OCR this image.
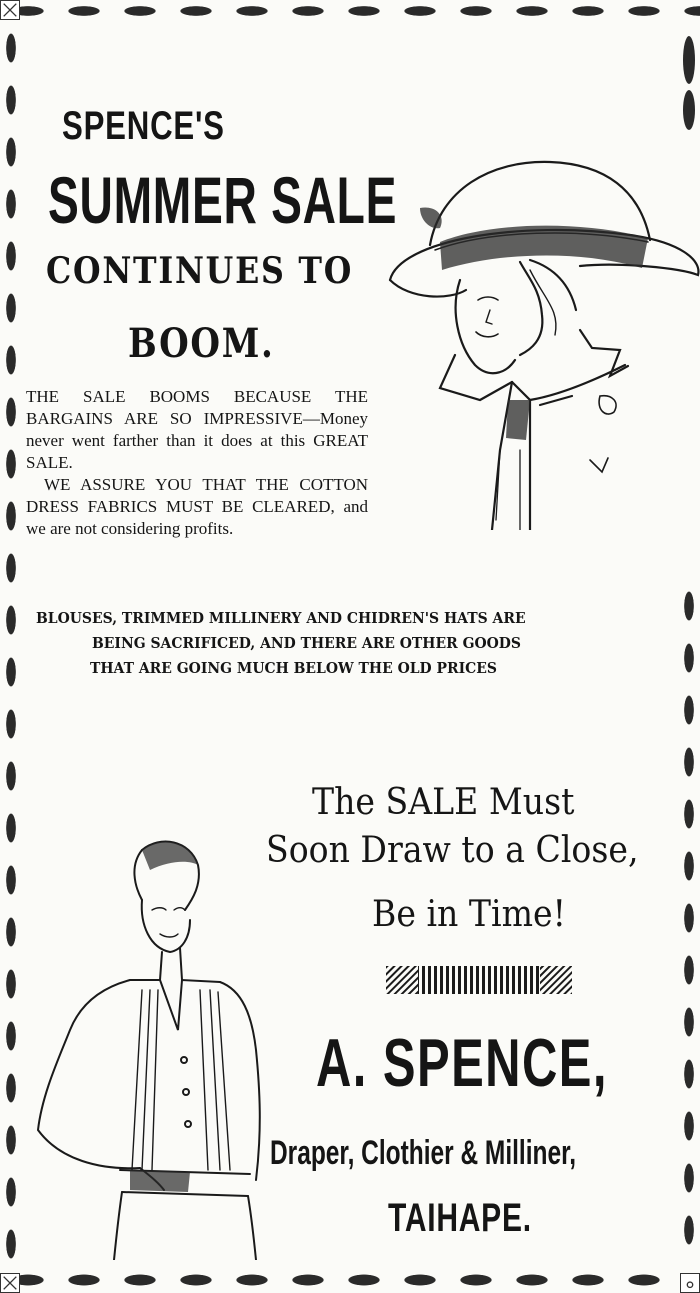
SPENCE'S
SUMMER SALE
CONTINUES TO
BOOM.

THE SALE BOOMS BECAUSE THE BARGAINS ARE SO IMPRESSIVE—Money never went farther than it does at this GREAT SALE.

WE ASSURE YOU THAT THE COTTON DRESS FABRICS MUST BE CLEARED, and we are not considering profits.

BLOUSES, TRIMMED MILLINERY AND CHIDREN'S HATS ARE
BEING SACRIFICED, AND THERE ARE OTHER GOODS
THAT ARE GOING MUCH BELOW THE OLD PRICES
The SALE Must
Soon Draw to a Close,
Be in Time!
A. SPENCE,
Draper, Clothier & Milliner,
TAIHAPE.
